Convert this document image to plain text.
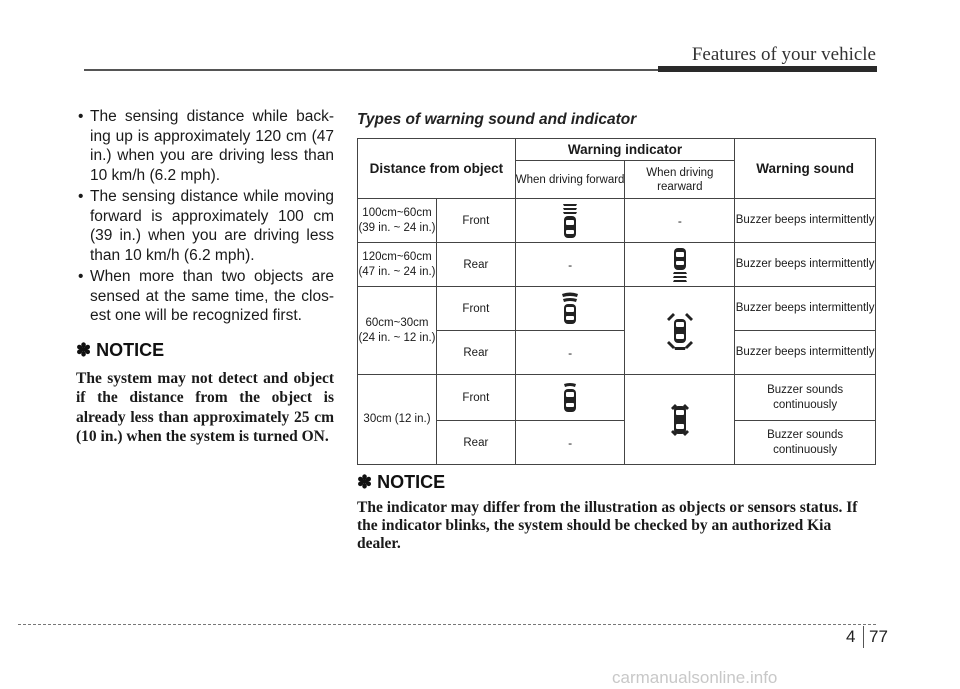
Features of your vehicle
• The sensing distance while back-ing up is approximately 120 cm (47 in.) when you are driving less than 10 km/h (6.2 mph).
• The sensing distance while moving forward is approximately 100 cm (39 in.) when you are driving less than 10 km/h (6.2 mph).
• When more than two objects are sensed at the same time, the clos-est one will be recognized first.
✽ NOTICE

The system may not detect and object if the distance from the object is already less than approximately 25 cm (10 in.) when the system is turned ON.

Types of warning sound and indicator
Distance from object		Warning indicator		Warning sound
		When driving forward	When driving rearward	
100cm~60cm (39 in. ~ 24 in.)	Front		-	Buzzer beeps intermittently
120cm~60cm (47 in. ~ 24 in.)	Rear	-		Buzzer beeps intermittently
60cm~30cm (24 in. ~ 12 in.)	Front			Buzzer beeps intermittently
	Rear	-		Buzzer beeps intermittently
30cm (12 in.)	Front			Buzzer sounds continuously
	Rear	-		Buzzer sounds continuously
✽ NOTICE

The indicator may differ from the illustration as objects or sensors status. If the indicator blinks, the system should be checked by an authorized Kia dealer.

4 77
carmanualsonline.info
